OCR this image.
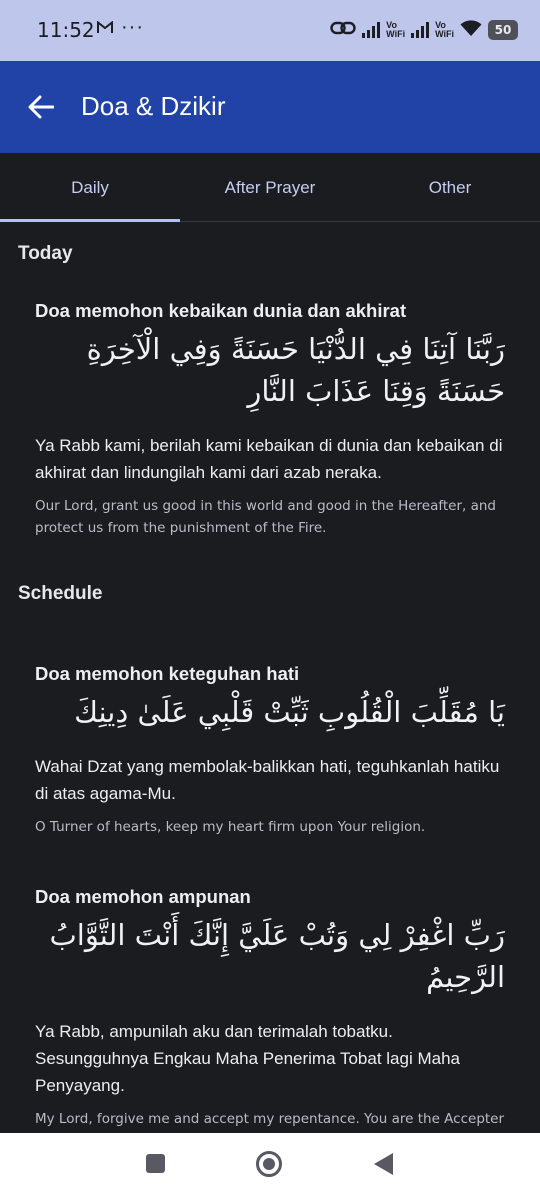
11:52 ···	Vo
WiFi
Vo
WiFi	50
Doa & Dzikir
Daily	After Prayer	Other
Today
Doa memohon kebaikan dunia dan akhirat
رَبَّنَا آتِنَا فِي الدُّنْيَا حَسَنَةً وَفِي الْآخِرَةِ حَسَنَةً وَقِنَا عَذَابَ النَّارِ
Ya Rabb kami, berilah kami kebaikan di dunia dan kebaikan di akhirat dan lindungilah kami dari azab neraka.
Our Lord, grant us good in this world and good in the Hereafter, and protect us from the punishment of the Fire.
Schedule
Doa memohon keteguhan hati
يَا مُقَلِّبَ الْقُلُوبِ ثَبِّتْ قَلْبِي عَلَىٰ دِينِكَ
Wahai Dzat yang membolak-balikkan hati, teguhkanlah hatiku di atas agama-Mu.
O Turner of hearts, keep my heart firm upon Your religion.
Doa memohon ampunan
رَبِّ اغْفِرْ لِي وَتُبْ عَلَيَّ إِنَّكَ أَنْتَ التَّوَّابُ الرَّحِيمُ
Ya Rabb, ampunilah aku dan terimalah tobatku. Sesungguhnya Engkau Maha Penerima Tobat lagi Maha Penyayang.
My Lord, forgive me and accept my repentance. You are the Accepter
